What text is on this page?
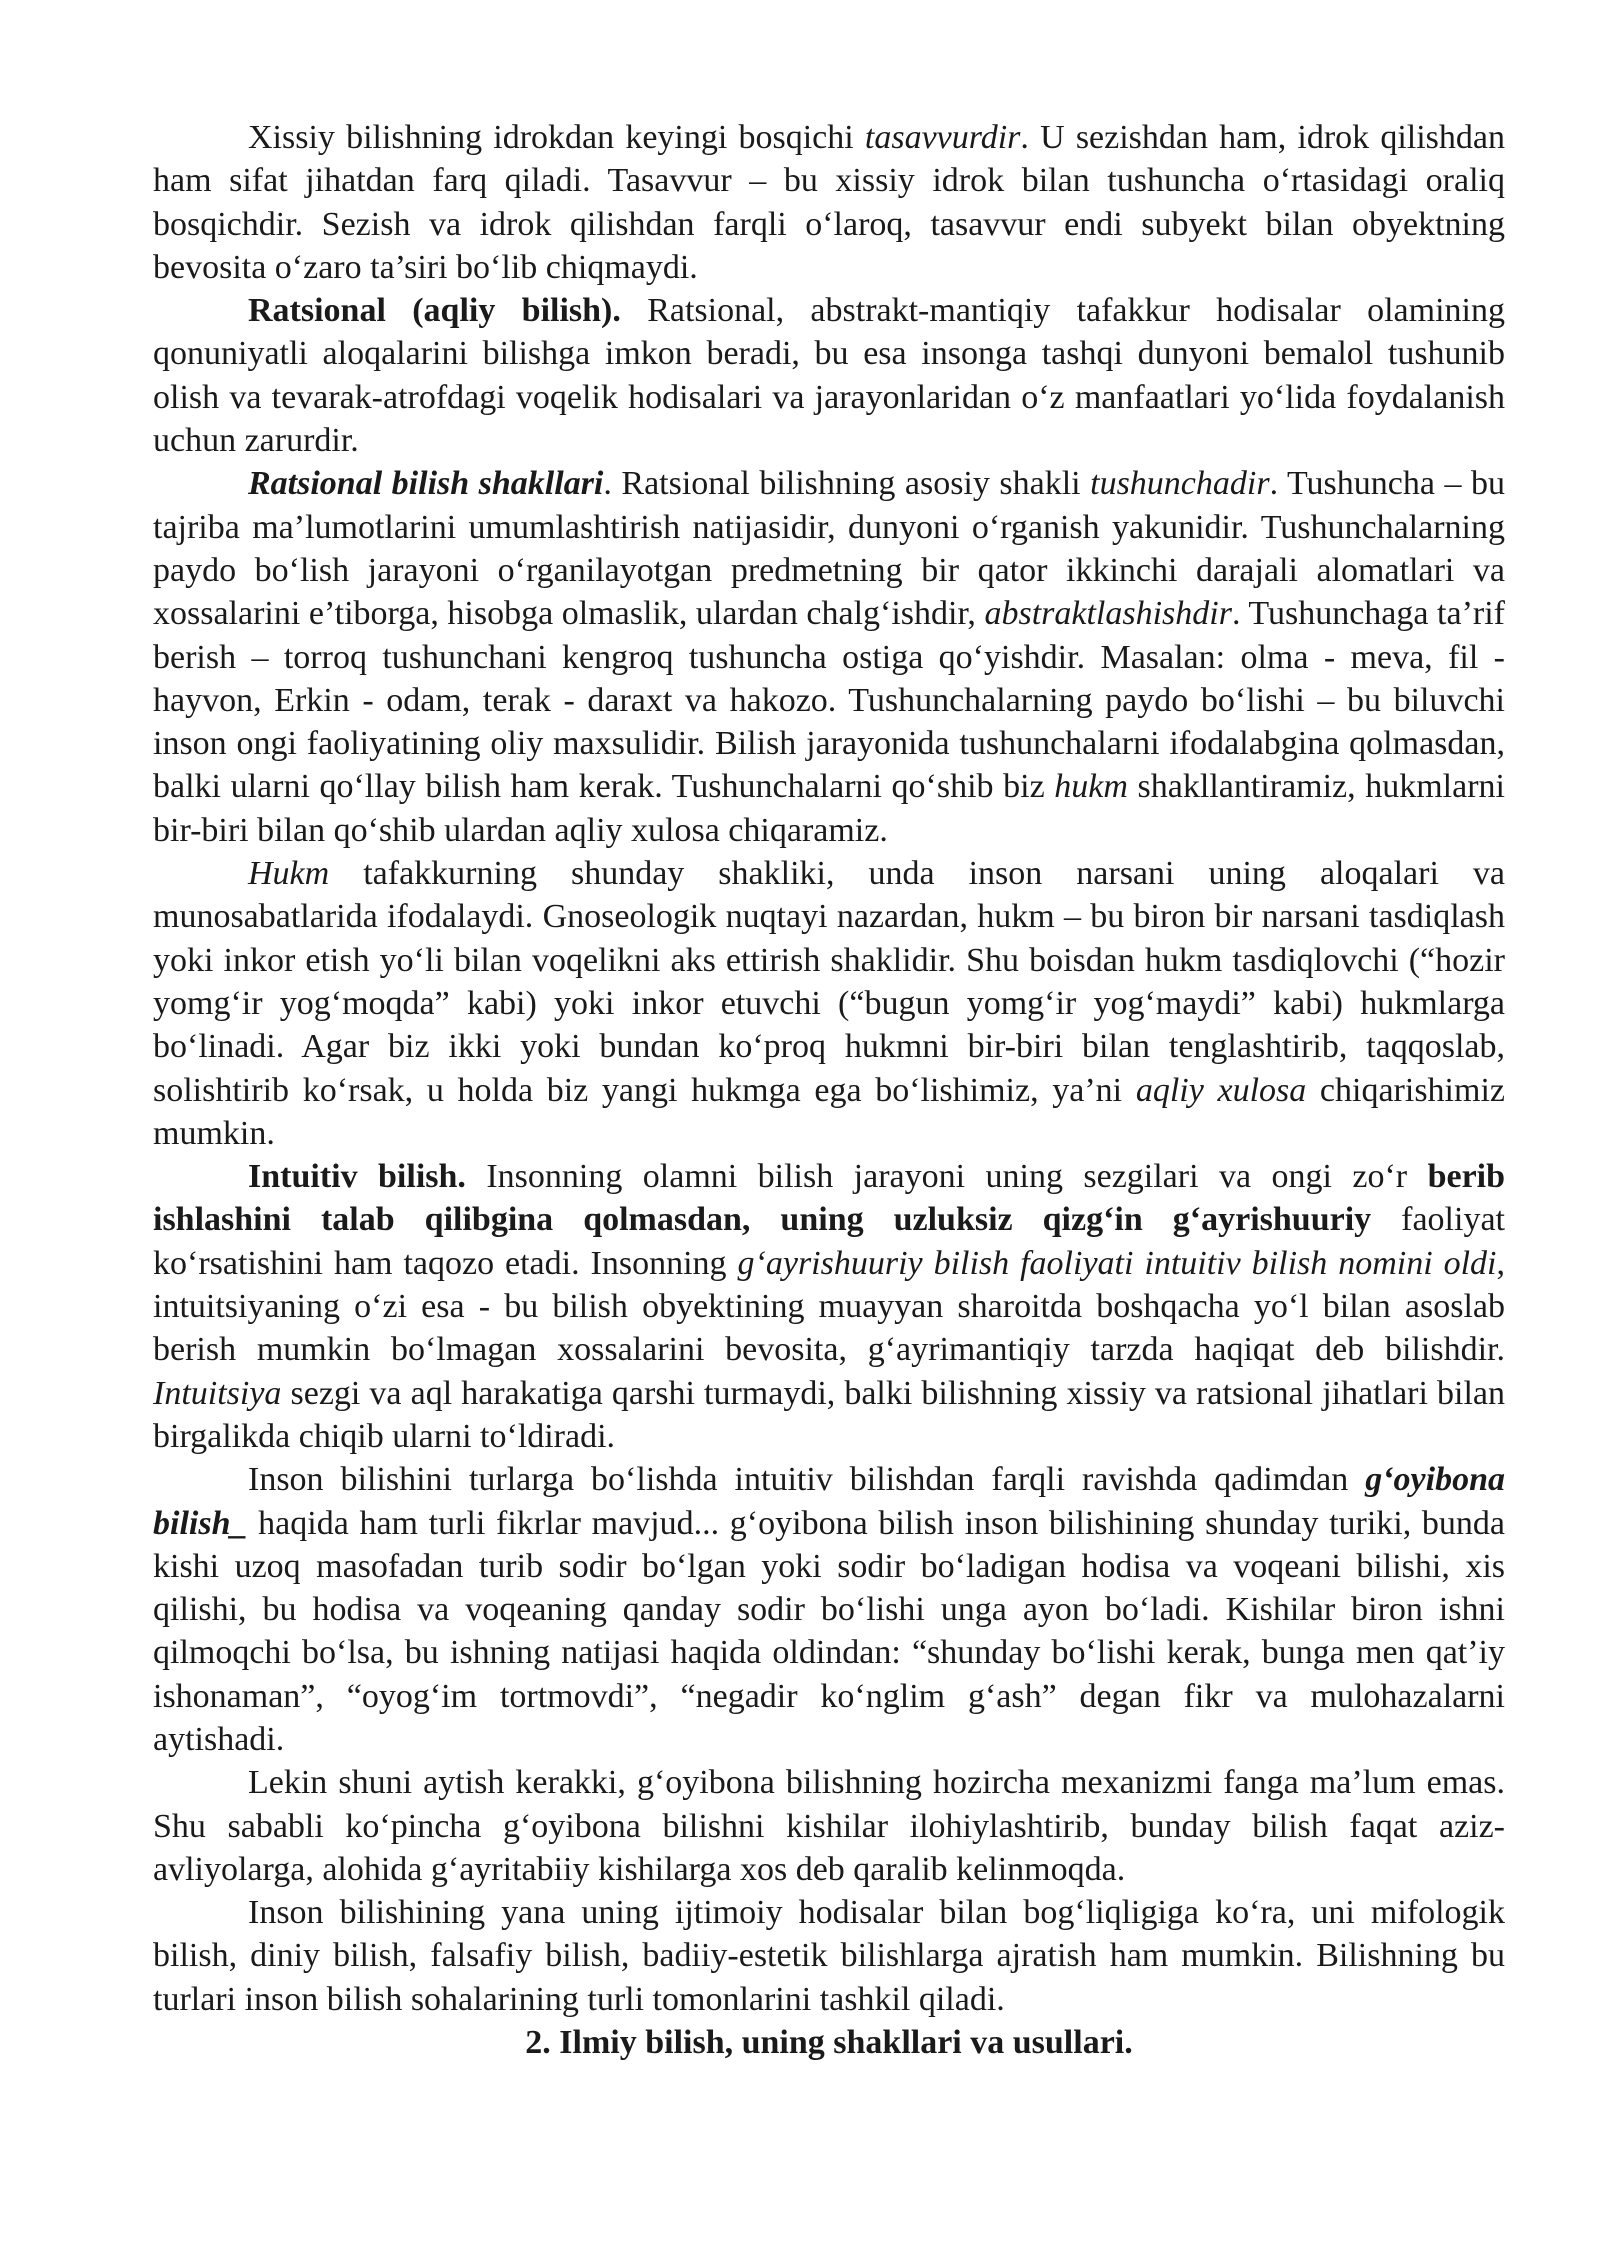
Xissiy bilishning idrokdan keyingi bosqichi tasavvurdir. U sezishdan ham, idrok qilishdan ham sifat jihatdan farq qiladi. Tasavvur – bu xissiy idrok bilan tushuncha o‘rtasidagi oraliq bosqichdir. Sezish va idrok qilishdan farqli o‘laroq, tasavvur endi subyekt bilan obyektning bevosita o‘zaro ta’siri bo‘lib chiqmaydi.

Ratsional (aqliy bilish). Ratsional, abstrakt-mantiqiy tafakkur hodisalar olamining qonuniyatli aloqalarini bilishga imkon beradi, bu esa insonga tashqi dunyoni bemalol tushunib olish va tevarak-atrofdagi voqelik hodisalari va jarayonlaridan o‘z manfaatlari yo‘lida foydalanish uchun zarurdir.

Ratsional bilish shakllari. Ratsional bilishning asosiy shakli tushunchadir. Tushuncha – bu tajriba ma’lumotlarini umumlashtirish natijasidir, dunyoni o‘rganish yakunidir. Tushunchalarning paydo bo‘lish jarayoni o‘rganilayotgan predmetning bir qator ikkinchi darajali alomatlari va xossalarini e’tiborga, hisobga olmaslik, ulardan chalg‘ishdir, abstraktlashishdir. Tushunchaga ta’rif berish – torroq tushunchani kengroq tushuncha ostiga qo‘yishdir. Masalan: olma - meva, fil - hayvon, Erkin - odam, terak - daraxt va hakozo. Tushunchalarning paydo bo‘lishi – bu biluvchi inson ongi faoliyatining oliy maxsulidir. Bilish jarayonida tushunchalarni ifodalabgina qolmasdan, balki ularni qo‘llay bilish ham kerak. Tushunchalarni qo‘shib biz hukm shakllantiramiz, hukmlarni bir-biri bilan qo‘shib ulardan aqliy xulosa chiqaramiz.

Hukm tafakkurning shunday shakliki, unda inson narsani uning aloqalari va munosabatlarida ifodalaydi. Gnoseologik nuqtayi nazardan, hukm – bu biron bir narsani tasdiqlash yoki inkor etish yo‘li bilan voqelikni aks ettirish shaklidir. Shu boisdan hukm tasdiqlovchi (“hozir yomg‘ir yog‘moqda” kabi) yoki inkor etuvchi (“bugun yomg‘ir yog‘maydi” kabi) hukmlarga bo‘linadi. Agar biz ikki yoki bundan ko‘proq hukmni bir-biri bilan tenglashtirib, taqqoslab, solishtirib ko‘rsak, u holda biz yangi hukmga ega bo‘lishimiz, ya’ni aqliy xulosa chiqarishimiz mumkin.

Intuitiv bilish. Insonning olamni bilish jarayoni uning sezgilari va ongi zo‘r berib ishlashini talab qilibgina qolmasdan, uning uzluksiz qizg‘in g‘ayrishuuriy faoliyat ko‘rsatishini ham taqozo etadi. Insonning g‘ayrishuuriy bilish faoliyati intuitiv bilish nomini oldi, intuitsiyaning o‘zi esa - bu bilish obyektining muayyan sharoitda boshqacha yo‘l bilan asoslab berish mumkin bo‘lmagan xossalarini bevosita, g‘ayrimantiqiy tarzda haqiqat deb bilishdir. Intuitsiya sezgi va aql harakatiga qarshi turmaydi, balki bilishning xissiy va ratsional jihatlari bilan birgalikda chiqib ularni to‘ldiradi.

Inson bilishini turlarga bo‘lishda intuitiv bilishdan farqli ravishda qadimdan g‘oyibona bilish_ haqida ham turli fikrlar mavjud... g‘oyibona bilish inson bilishining shunday turiki, bunda kishi uzoq masofadan turib sodir bo‘lgan yoki sodir bo‘ladigan hodisa va voqeani bilishi, xis qilishi, bu hodisa va voqeaning qanday sodir bo‘lishi unga ayon bo‘ladi. Kishilar biron ishni qilmoqchi bo‘lsa, bu ishning natijasi haqida oldindan: “shunday bo‘lishi kerak, bunga men qat’iy ishonaman”, “oyog‘im tortmovdi”, “negadir ko‘nglim g‘ash” degan fikr va mulohazalarni aytishadi.

Lekin shuni aytish kerakki, g‘oyibona bilishning hozircha mexanizmi fanga ma’lum emas. Shu sababli ko‘pincha g‘oyibona bilishni kishilar ilohiylashtirib, bunday bilish faqat aziz-avliyolarga, alohida g‘ayritabiiy kishilarga xos deb qaralib kelinmoqda.

Inson bilishining yana uning ijtimoiy hodisalar bilan bog‘liqligiga ko‘ra, uni mifologik bilish, diniy bilish, falsafiy bilish, badiiy-estetik bilishlarga ajratish ham mumkin. Bilishning bu turlari inson bilish sohalarining turli tomonlarini tashkil qiladi.

2. Ilmiy bilish, uning shakllari va usullari.
